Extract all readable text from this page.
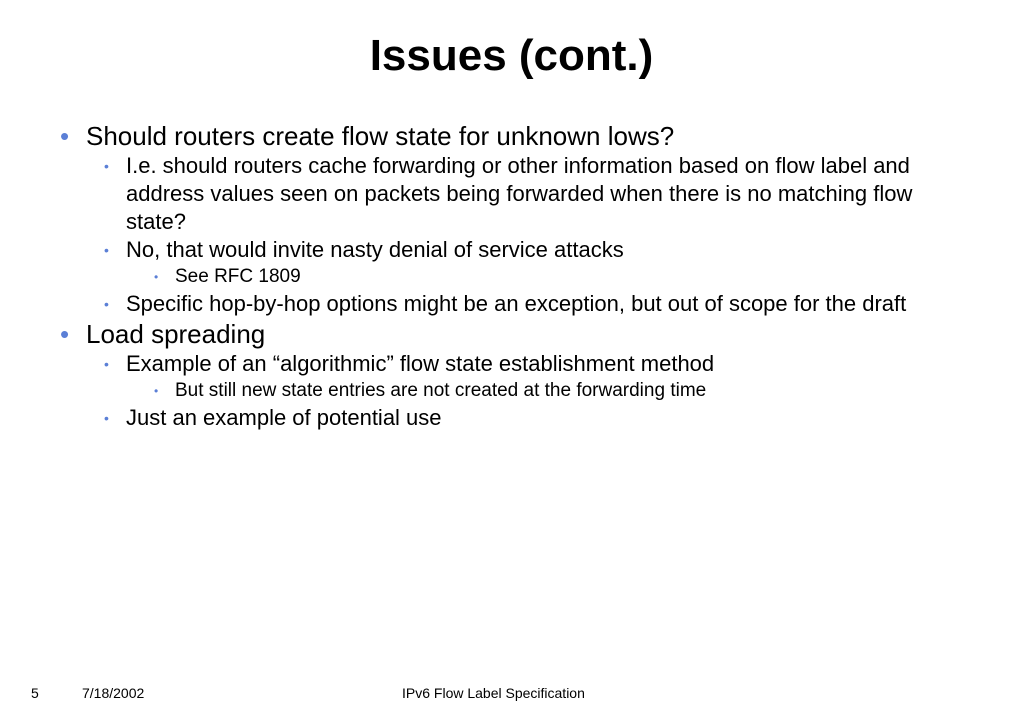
Issues (cont.)
• Should routers create flow state for unknown lows?
• I.e. should routers cache forwarding or other information based on flow label and address values seen on packets being forwarded when there is no matching flow state?
• No, that would invite nasty denial of service attacks
• See RFC 1809
• Specific hop-by-hop options might be an exception, but out of scope for the draft
• Load spreading
• Example of an “algorithmic” flow state establishment method
• But still new state entries are not created at the forwarding time
• Just an example of potential use
5	7/18/2002	IPv6 Flow Label Specification
